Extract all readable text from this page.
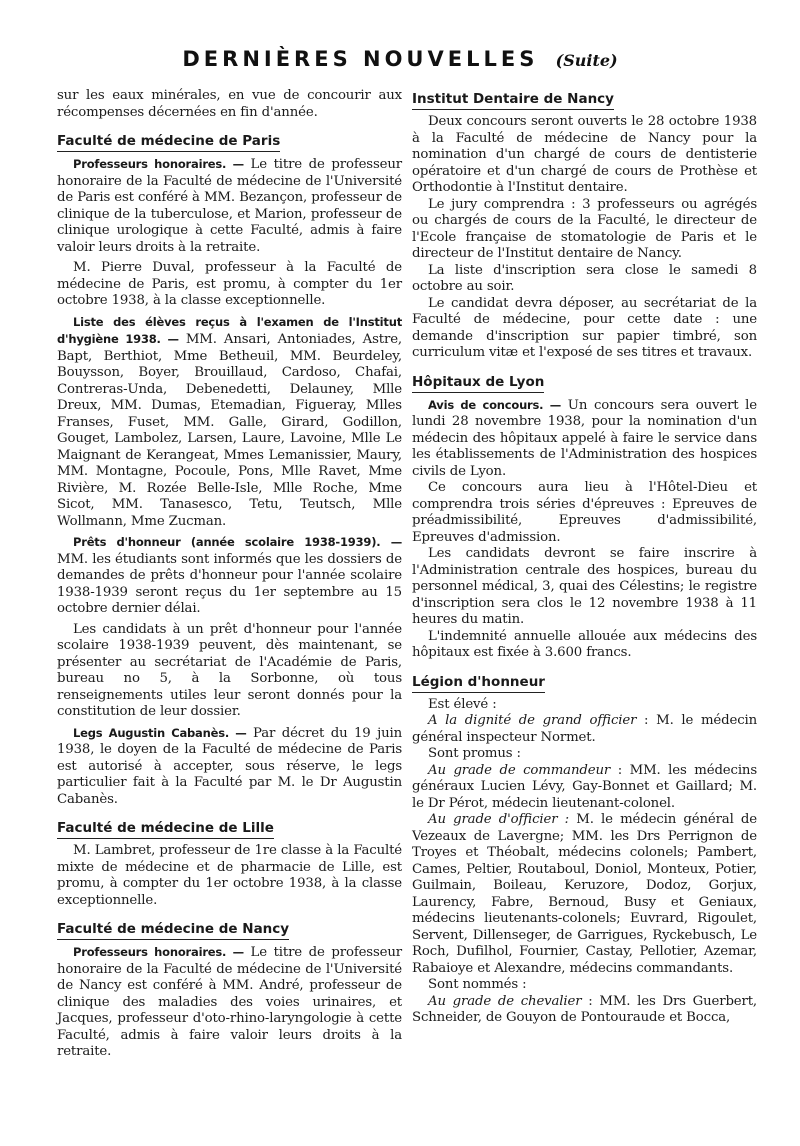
DERNIÈRES NOUVELLES (Suite)

sur les eaux minérales, en vue de concourir aux récompenses décernées en fin d'année.

Faculté de médecine de Paris

Professeurs honoraires. — Le titre de professeur honoraire de la Faculté de médecine de l'Université de Paris est conféré à MM. Bezançon, professeur de clinique de la tuberculose, et Marion, professeur de clinique urologique à cette Faculté, admis à faire valoir leurs droits à la retraite.

M. Pierre Duval, professeur à la Faculté de médecine de Paris, est promu, à compter du 1er octobre 1938, à la classe exceptionnelle.

Liste des élèves reçus à l'examen de l'Institut d'hygiène 1938. — MM. Ansari, Antoniades, Astre, Bapt, Berthiot, Mme Betheuil, MM. Beurdeley, Bouysson, Boyer, Brouillaud, Cardoso, Chafai, Contreras-Unda, Debenedetti, Delauney, Mlle Dreux, MM. Dumas, Etemadian, Figueray, Mlles Franses, Fuset, MM. Galle, Girard, Godillon, Gouget, Lambolez, Larsen, Laure, Lavoine, Mlle Le Maignant de Kerangeat, Mmes Lemanissier, Maury, MM. Montagne, Pocoule, Pons, Mlle Ravet, Mme Rivière, M. Rozée Belle-Isle, Mlle Roche, Mme Sicot, MM. Tanasesco, Tetu, Teutsch, Mlle Wollmann, Mme Zucman.

Prêts d'honneur (année scolaire 1938-1939). — MM. les étudiants sont informés que les dossiers de demandes de prêts d'honneur pour l'année scolaire 1938-1939 seront reçus du 1er septembre au 15 octobre dernier délai.

Les candidats à un prêt d'honneur pour l'année scolaire 1938-1939 peuvent, dès maintenant, se présenter au secrétariat de l'Académie de Paris, bureau no 5, à la Sorbonne, où tous renseignements utiles leur seront donnés pour la constitution de leur dossier.

Legs Augustin Cabanès. — Par décret du 19 juin 1938, le doyen de la Faculté de médecine de Paris est autorisé à accepter, sous réserve, le legs particulier fait à la Faculté par M. le Dr Augustin Cabanès.

Faculté de médecine de Lille

M. Lambret, professeur de 1re classe à la Faculté mixte de médecine et de pharmacie de Lille, est promu, à compter du 1er octobre 1938, à la classe exceptionnelle.

Faculté de médecine de Nancy

Professeurs honoraires. — Le titre de professeur honoraire de la Faculté de médecine de l'Université de Nancy est conféré à MM. André, professeur de clinique des maladies des voies urinaires, et Jacques, professeur d'oto-rhino-laryngologie à cette Faculté, admis à faire valoir leurs droits à la retraite.

Institut Dentaire de Nancy

Deux concours seront ouverts le 28 octobre 1938 à la Faculté de médecine de Nancy pour la nomination d'un chargé de cours de dentisterie opératoire et d'un chargé de cours de Prothèse et Orthodontie à l'Institut dentaire.

Le jury comprendra : 3 professeurs ou agrégés ou chargés de cours de la Faculté, le directeur de l'Ecole française de stomatologie de Paris et le directeur de l'Institut dentaire de Nancy.

La liste d'inscription sera close le samedi 8 octobre au soir.

Le candidat devra déposer, au secrétariat de la Faculté de médecine, pour cette date : une demande d'inscription sur papier timbré, son curriculum vitæ et l'exposé de ses titres et travaux.

Hôpitaux de Lyon

Avis de concours. — Un concours sera ouvert le lundi 28 novembre 1938, pour la nomination d'un médecin des hôpitaux appelé à faire le service dans les établissements de l'Administration des hospices civils de Lyon.

Ce concours aura lieu à l'Hôtel-Dieu et comprendra trois séries d'épreuves : Epreuves de préadmissibilité, Epreuves d'admissibilité, Epreuves d'admission.

Les candidats devront se faire inscrire à l'Administration centrale des hospices, bureau du personnel médical, 3, quai des Célestins; le registre d'inscription sera clos le 12 novembre 1938 à 11 heures du matin.

L'indemnité annuelle allouée aux médecins des hôpitaux est fixée à 3.600 francs.

Légion d'honneur

Est élevé :

A la dignité de grand officier : M. le médecin général inspecteur Normet.

Sont promus :

Au grade de commandeur : MM. les médecins généraux Lucien Lévy, Gay-Bonnet et Gaillard; M. le Dr Pérot, médecin lieutenant-colonel.

Au grade d'officier : M. le médecin général de Vezeaux de Lavergne; MM. les Drs Perrignon de Troyes et Théobalt, médecins colonels; Pambert, Cames, Peltier, Routaboul, Doniol, Monteux, Potier, Guilmain, Boileau, Keruzore, Dodoz, Gorjux, Laurency, Fabre, Bernoud, Busy et Geniaux, médecins lieutenants-colonels; Euvrard, Rigoulet, Servent, Dillenseger, de Garrigues, Ryckebusch, Le Roch, Dufilhol, Fournier, Castay, Pellotier, Azemar, Rabaioye et Alexandre, médecins commandants.

Sont nommés :

Au grade de chevalier : MM. les Drs Guerbert, Schneider, de Gouyon de Pontouraude et Bocca,
